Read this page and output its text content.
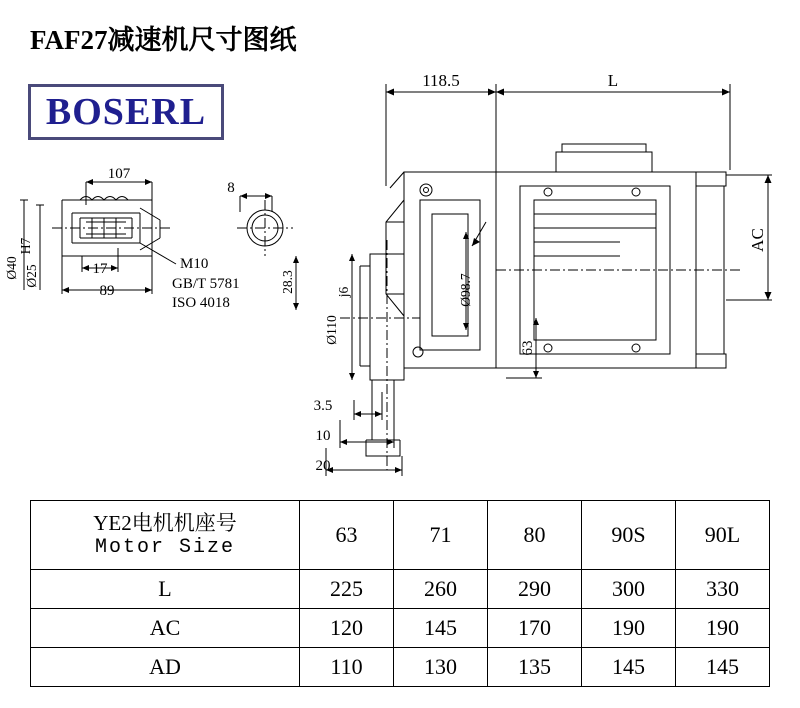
FAF27减速机尺寸图纸
BOSERL
107
8
17
89
Ø40 Ø25
H7
M10
GB/T 5781
ISO 4018
28.3
118.5	L
AC
Ø98.7
Ø110
j6
63
3.5
10
20
YE2电机机座号
Motor Size	63	71	80	90S	90L
L	225	260	290	300	330
AC	120	145	170	190	190
AD	110	130	135	145	145
